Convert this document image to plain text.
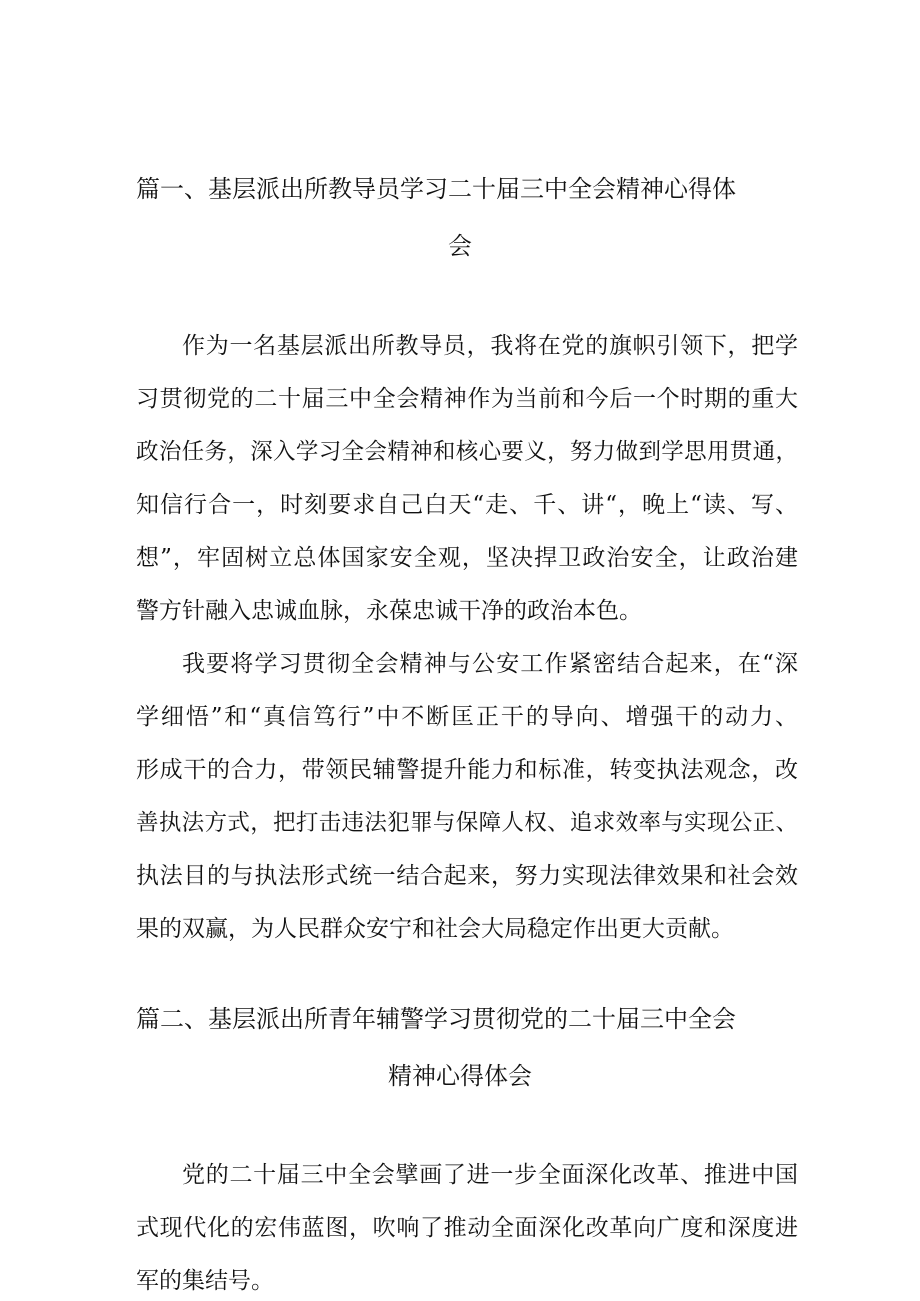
篇一、基层派出所教导员学习二十届三中全会精神心得体
会
作为一名基层派出所教导员，我将在党的旗帜引领下，把学
习贯彻党的二十届三中全会精神作为当前和今后一个时期的重大
政治任务，深入学习全会精神和核心要义，努力做到学思用贯通，
知信行合一，时刻要求自己白天“走、千、讲“，晚上“读、写、
想”，牢固树立总体国家安全观，坚决捍卫政治安全，让政治建
警方针融入忠诚血脉，永葆忠诚干净的政治本色。
我要将学习贯彻全会精神与公安工作紧密结合起来，在“深
学细悟”和“真信笃行”中不断匡正干的导向、增强干的动力、
形成干的合力，带领民辅警提升能力和标准，转变执法观念，改
善执法方式，把打击违法犯罪与保障人权、追求效率与实现公正、
执法目的与执法形式统一结合起来，努力实现法律效果和社会效
果的双赢，为人民群众安宁和社会大局稳定作出更大贡献。
篇二、基层派出所青年辅警学习贯彻党的二十届三中全会
精神心得体会
党的二十届三中全会擘画了进一步全面深化改革、推进中国
式现代化的宏伟蓝图，吹响了推动全面深化改革向广度和深度进
军的集结号。
